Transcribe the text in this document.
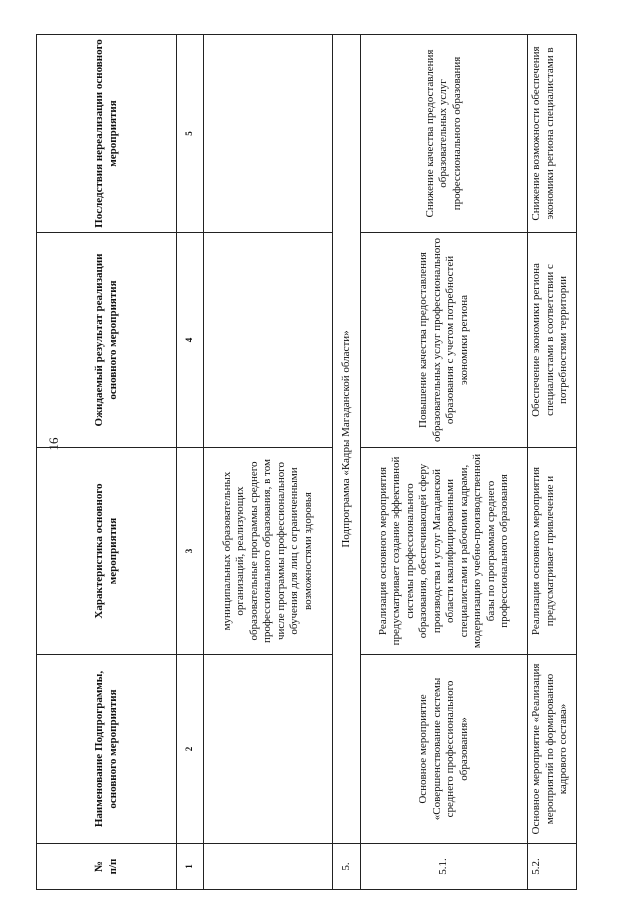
16
№
п/п	Наименование Подпрограммы, основного мероприятия	Характеристика основного мероприятия	Ожидаемый результат реализации основного мероприятия	Последствия нереализации основного мероприятия
1	2	3	4	5
		муниципальных образовательных организаций, реализующих образовательные программы среднего профессионального образования, в том числе программы профессионального обучения для лиц с ограниченными возможностями здоровья		
5.	Подпрограмма «Кадры Магаданской области»			
5.1.	Основное мероприятие «Совершенствование системы среднего профессионального образования»	Реализация основного мероприятия предусматривает создание эффективной системы профессионального образования, обеспечивающей сферу производства и услуг Магаданской области квалифицированными специалистами и рабочими кадрами, модернизацию учебно-производственной базы по программам среднего профессионального образования	Повышение качества предоставления образовательных услуг профессионального образования с учетом потребностей экономики региона	Снижение качества предоставления образовательных услуг профессионального образования
5.2.	Основное мероприятие «Реализация мероприятий по формированию кадрового состава»	Реализация основного мероприятия предусматривает привлечение и	Обеспечение экономики региона специалистами в соответствии с потребностями территории	Снижение возможности обеспечения экономики региона специалистами в
